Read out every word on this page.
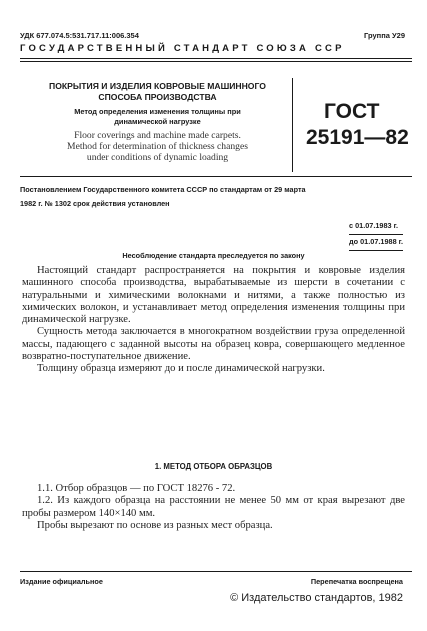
УДК 677.074.5:531.717.11:006.354	Группа У29
ГОСУДАРСТВЕННЫЙ СТАНДАРТ СОЮЗА ССР
ПОКРЫТИЯ И ИЗДЕЛИЯ КОВРОВЫЕ МАШИННОГО
СПОСОБА ПРОИЗВОДСТВА
Метод определения изменения толщины при
динамической нагрузке
Floor coverings and machine made carpets.
Method for determination of thickness changes
under conditions of dynamic loading
ГОСТ
25191—82
Постановлением Государственного комитета СССР по стандартам от 29 марта
1982 г. № 1302 срок действия установлен
с 01.07.1983 г.
до 01.07.1988 г.
Несоблюдение стандарта преследуется по закону

Настоящий стандарт распространяется на покрытия и ковровые изделия машинного способа производства, вырабатываемые из шерсти в сочетании с натуральными и химическими волокнами и нитями, а также полностью из химических волокон, и устанавливает метод определения изменения толщины при динамической нагрузке.

Сущность метода заключается в многократном воздействии груза определенной массы, падающего с заданной высоты на образец ковра, совершающего медленное возвратно-поступательное движение.

Толщину образца измеряют до и после динамической нагрузки.

1. МЕТОД ОТБОРА ОБРАЗЦОВ

1.1. Отбор образцов — по ГОСТ 18276 - 72.

1.2. Из каждого образца на расстоянии не менее 50 мм от края вырезают две пробы размером 140×140 мм.

Пробы вырезают по основе из разных мест образца.

Издание официальное	Перепечатка воспрещена
© Издательство стандартов, 1982
